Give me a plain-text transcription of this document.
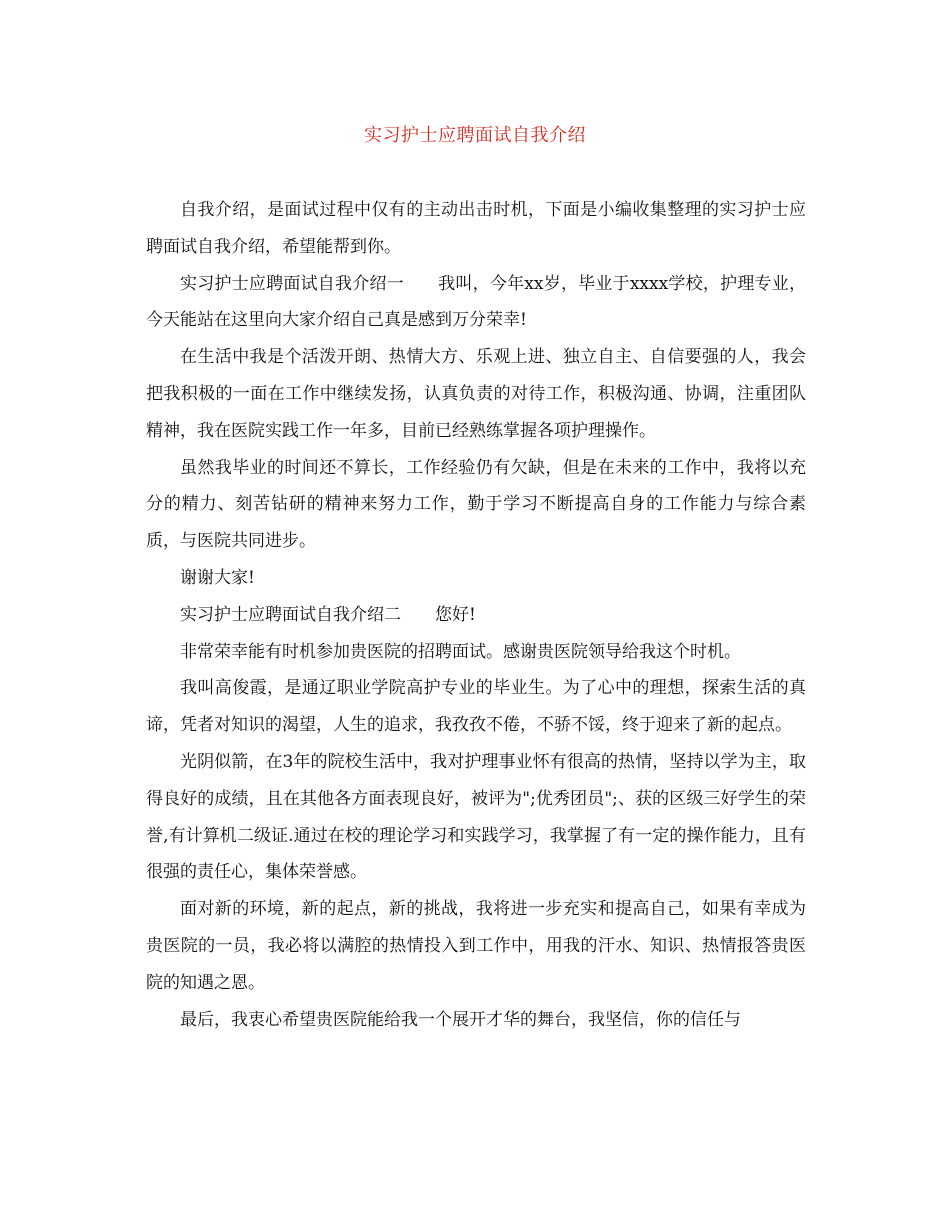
实习护士应聘面试自我介绍

自我介绍，是面试过程中仅有的主动出击时机，下面是小编收集整理的实习护士应聘面试自我介绍，希望能帮到你。

实习护士应聘面试自我介绍一 我叫，今年xx岁，毕业于xxxx学校，护理专业，今天能站在这里向大家介绍自己真是感到万分荣幸!

在生活中我是个活泼开朗、热情大方、乐观上进、独立自主、自信要强的人，我会把我积极的一面在工作中继续发扬，认真负责的对待工作，积极沟通、协调，注重团队精神，我在医院实践工作一年多，目前已经熟练掌握各项护理操作。

虽然我毕业的时间还不算长，工作经验仍有欠缺，但是在未来的工作中，我将以充分的精力、刻苦钻研的精神来努力工作，勤于学习不断提高自身的工作能力与综合素质，与医院共同进步。

谢谢大家!

实习护士应聘面试自我介绍二 您好!

非常荣幸能有时机参加贵医院的招聘面试。感谢贵医院领导给我这个时机。

我叫高俊霞，是通辽职业学院高护专业的毕业生。为了心中的理想，探索生活的真谛，凭者对知识的渴望，人生的追求，我孜孜不倦，不骄不馁，终于迎来了新的起点。

光阴似箭，在3年的院校生活中，我对护理事业怀有很高的热情，坚持以学为主，取得良好的成绩，且在其他各方面表现良好，被评为";优秀团员";、获的区级三好学生的荣誉,有计算机二级证.通过在校的理论学习和实践学习，我掌握了有一定的操作能力，且有很强的责任心，集体荣誉感。

面对新的环境，新的起点，新的挑战，我将进一步充实和提高自己，如果有幸成为贵医院的一员，我必将以满腔的热情投入到工作中，用我的汗水、知识、热情报答贵医院的知遇之恩。

最后，我衷心希望贵医院能给我一个展开才华的舞台，我坚信，你的信任与
